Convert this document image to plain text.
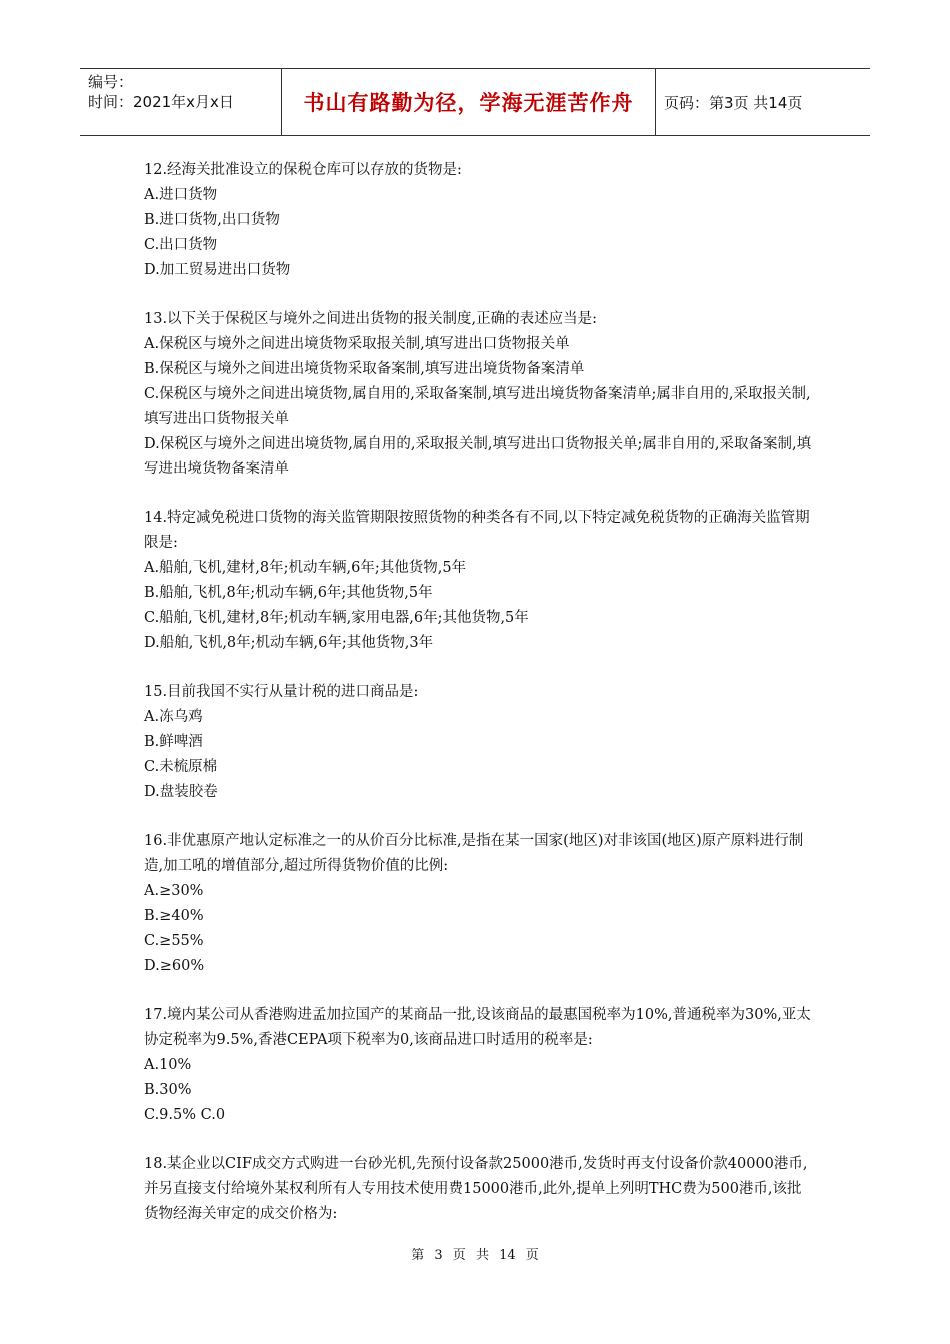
编号：
时间：2021年x月x日	书山有路勤为径，学海无涯苦作舟	页码：第3页 共14页

12.经海关批准设立的保税仓库可以存放的货物是:

A.进口货物

B.进口货物,出口货物

C.出口货物

D.加工贸易进出口货物

13.以下关于保税区与境外之间进出货物的报关制度,正确的表述应当是:

A.保税区与境外之间进出境货物采取报关制,填写进出口货物报关单

B.保税区与境外之间进出境货物采取备案制,填写进出境货物备案清单

C.保税区与境外之间进出境货物,属自用的,采取备案制,填写进出境货物备案清单;属非自用的,采取报关制,填写进出口货物报关单

D.保税区与境外之间进出境货物,属自用的,采取报关制,填写进出口货物报关单;属非自用的,采取备案制,填写进出境货物备案清单

14.特定减免税进口货物的海关监管期限按照货物的种类各有不同,以下特定减免税货物的正确海关监管期限是:

A.船舶,飞机,建材,8年;机动车辆,6年;其他货物,5年

B.船舶,飞机,8年;机动车辆,6年;其他货物,5年

C.船舶,飞机,建材,8年;机动车辆,家用电器,6年;其他货物,5年

D.船舶,飞机,8年;机动车辆,6年;其他货物,3年

15.目前我国不实行从量计税的进口商品是:

A.冻乌鸡

B.鲜啤酒

C.未梳原棉

D.盘装胶卷

16.非优惠原产地认定标准之一的从价百分比标准,是指在某一国家(地区)对非该国(地区)原产原料进行制造,加工吼的增值部分,超过所得货物价值的比例:

A.≥30%

B.≥40%

C.≥55%

D.≥60%

17.境内某公司从香港购进孟加拉国产的某商品一批,设该商品的最惠国税率为10%,普通税率为30%,亚太协定税率为9.5%,香港CEPA项下税率为0,该商品进口时适用的税率是:

A.10%

B.30%

C.9.5% C.0

18.某企业以CIF成交方式购进一台砂光机,先预付设备款25000港币,发货时再支付设备价款40000港币,并另直接支付给境外某权利所有人专用技术使用费15000港币,此外,提单上列明THC费为500港币,该批货物经海关审定的成交价格为:

第 3 页 共 14 页
